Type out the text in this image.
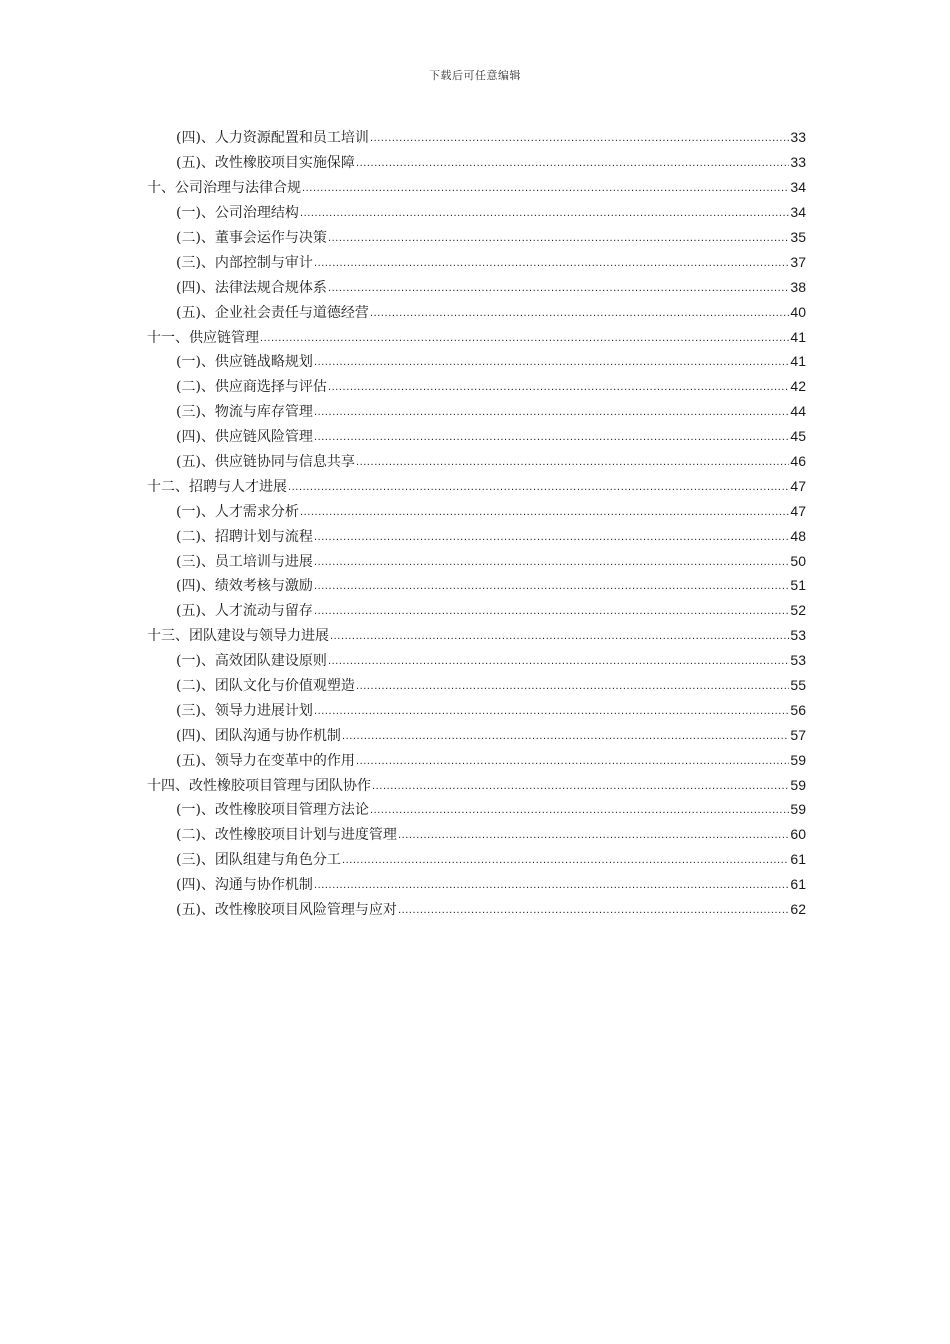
下载后可任意编辑
(四)、人力资源配置和员工培训 .....	33
(五)、改性橡胶项目实施保障 .....	33
十、公司治理与法律合规 .....	34
(一)、公司治理结构 .....	34
(二)、董事会运作与决策 .....	35
(三)、内部控制与审计 .....	37
(四)、法律法规合规体系 .....	38
(五)、企业社会责任与道德经营 .....	40
十一、供应链管理 .....	41
(一)、供应链战略规划 .....	41
(二)、供应商选择与评估 .....	42
(三)、物流与库存管理 .....	44
(四)、供应链风险管理 .....	45
(五)、供应链协同与信息共享 .....	46
十二、招聘与人才进展 .....	47
(一)、人才需求分析 .....	47
(二)、招聘计划与流程 .....	48
(三)、员工培训与进展 .....	50
(四)、绩效考核与激励 .....	51
(五)、人才流动与留存 .....	52
十三、团队建设与领导力进展 .....	53
(一)、高效团队建设原则 .....	53
(二)、团队文化与价值观塑造 .....	55
(三)、领导力进展计划 .....	56
(四)、团队沟通与协作机制 .....	57
(五)、领导力在变革中的作用 .....	59
十四、改性橡胶项目管理与团队协作 .....	59
(一)、改性橡胶项目管理方法论 .....	59
(二)、改性橡胶项目计划与进度管理 .....	60
(三)、团队组建与角色分工 .....	61
(四)、沟通与协作机制 .....	61
(五)、改性橡胶项目风险管理与应对 .....	62
